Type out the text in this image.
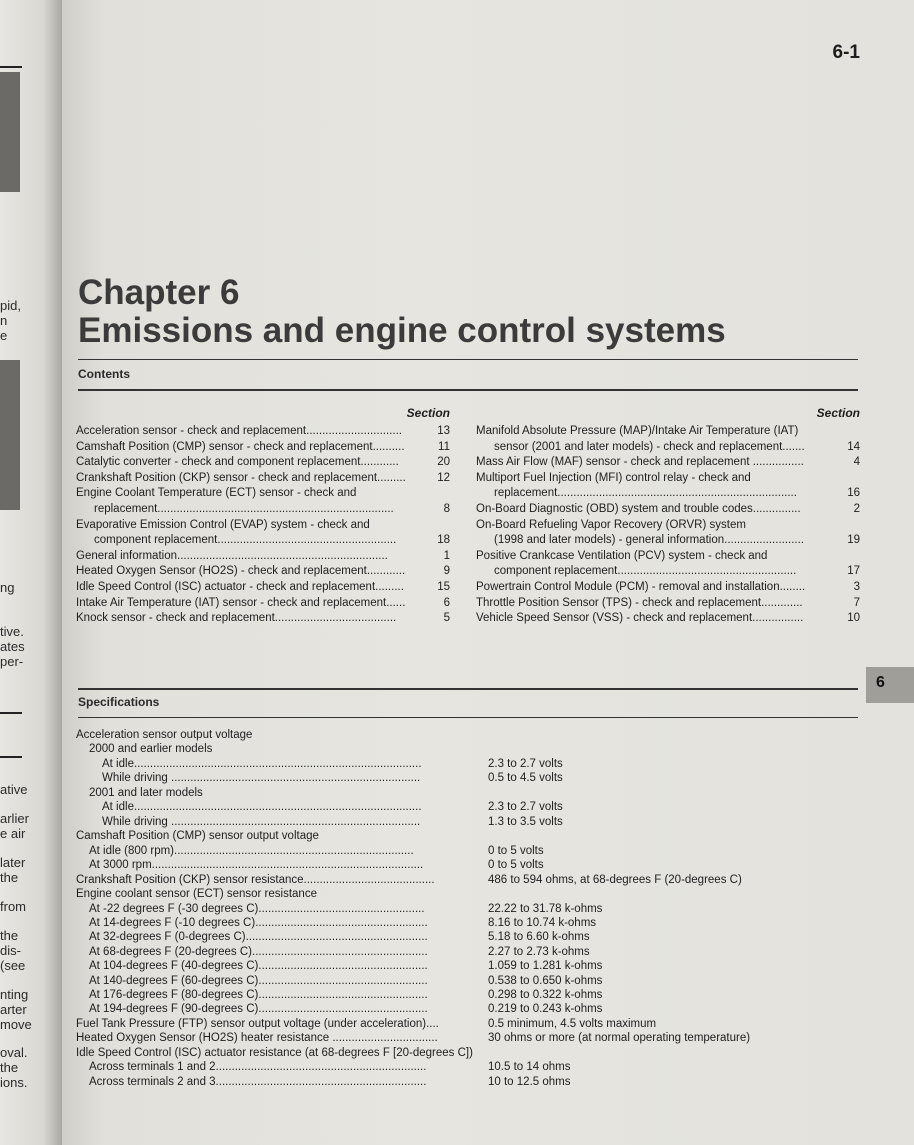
pid,
n
e
ng
tive.
ates
per-
ative
arlier
e air
later
the
from
the
dis-
(see
nting
arter
move
oval.
the
ions.
6-1
Chapter 6
Emissions and engine control systems
Contents
Section
Acceleration sensor - check and replacement..............................	13
Camshaft Position (CMP) sensor - check and replacement..........	11
Catalytic converter - check and component replacement............	20
Crankshaft Position (CKP) sensor - check and replacement.........	12
Engine Coolant Temperature (ECT) sensor - check and
replacement..........................................................................	8
Evaporative Emission Control (EVAP) system - check and
component replacement........................................................	18
General information..................................................................	1
Heated Oxygen Sensor (HO2S) - check and replacement............	9
Idle Speed Control (ISC) actuator - check and replacement.........	15
Intake Air Temperature (IAT) sensor - check and replacement......	6
Knock sensor - check and replacement......................................	5
Section
Manifold Absolute Pressure (MAP)/Intake Air Temperature (IAT)
sensor (2001 and later models) - check and replacement.......	14
Mass Air Flow (MAF) sensor - check and replacement ................	4
Multiport Fuel Injection (MFI) control relay - check and
replacement...........................................................................	16
On-Board Diagnostic (OBD) system and trouble codes...............	2
On-Board Refueling Vapor Recovery (ORVR) system
(1998 and later models) - general information.........................	19
Positive Crankcase Ventilation (PCV) system - check and
component replacement........................................................	17
Powertrain Control Module (PCM) - removal and installation........	3
Throttle Position Sensor (TPS) - check and replacement.............	7
Vehicle Speed Sensor (VSS) - check and replacement................	10
Specifications
Acceleration sensor output voltage
2000 and earlier models
At idle..........................................................................................	2.3 to 2.7 volts
While driving ..............................................................................	0.5 to 4.5 volts
2001 and later models
At idle..........................................................................................	2.3 to 2.7 volts
While driving ..............................................................................	1.3 to 3.5 volts
Camshaft Position (CMP) sensor output voltage
At idle (800 rpm)...........................................................................	0 to 5 volts
At 3000 rpm.....................................................................................	0 to 5 volts
Crankshaft Position (CKP) sensor resistance.........................................	486 to 594 ohms, at 68-degrees F (20-degrees C)
Engine coolant sensor (ECT) sensor resistance
At -22 degrees F (-30 degrees C)....................................................	22.22 to 31.78 k-ohms
At 14-degrees F (-10 degrees C)......................................................	8.16 to 10.74 k-ohms
At 32-degrees F (0-degrees C).........................................................	5.18 to 6.60 k-ohms
At 68-degrees F (20-degrees C).......................................................	2.27 to 2.73 k-ohms
At 104-degrees F (40-degrees C).....................................................	1.059 to 1.281 k-ohms
At 140-degrees F (60-degrees C).....................................................	0.538 to 0.650 k-ohms
At 176-degrees F (80-degrees C).....................................................	0.298 to 0.322 k-ohms
At 194-degrees F (90-degrees C).....................................................	0.219 to 0.243 k-ohms
Fuel Tank Pressure (FTP) sensor output voltage (under acceleration)....	0.5 minimum, 4.5 volts maximum
Heated Oxygen Sensor (HO2S) heater resistance .................................	30 ohms or more (at normal operating temperature)
Idle Speed Control (ISC) actuator resistance (at 68-degrees F [20-degrees C])
Across terminals 1 and 2..................................................................	10.5 to 14 ohms
Across terminals 2 and 3..................................................................	10 to 12.5 ohms
6
